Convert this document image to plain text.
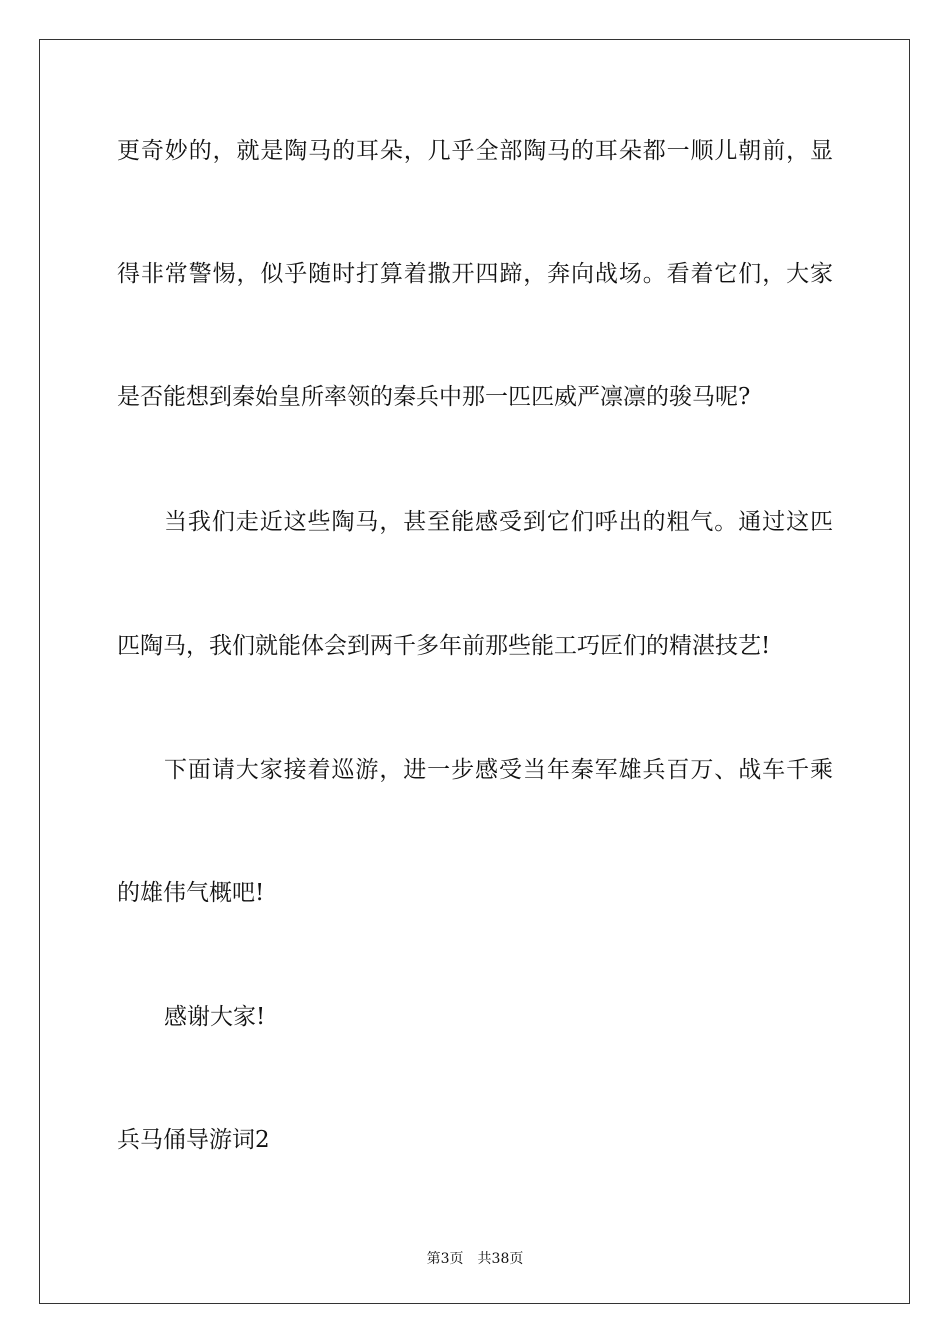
更奇妙的，就是陶马的耳朵，几乎全部陶马的耳朵都一顺儿朝前，显
得非常警惕，似乎随时打算着撒开四蹄，奔向战场。看着它们，大家
是否能想到秦始皇所率领的秦兵中那一匹匹威严凛凛的骏马呢?
当我们走近这些陶马，甚至能感受到它们呼出的粗气。通过这匹
匹陶马，我们就能体会到两千多年前那些能工巧匠们的精湛技艺!
下面请大家接着巡游，进一步感受当年秦军雄兵百万、战车千乘
的雄伟气概吧!
感谢大家!
兵马俑导游词2
第3页 共38页
